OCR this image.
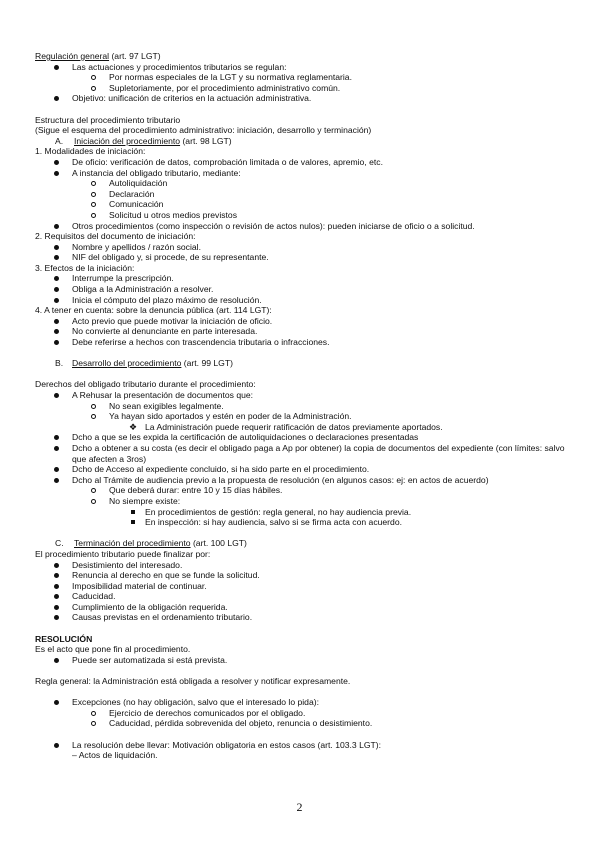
Regulación general (art. 97 LGT)
Las actuaciones y procedimientos tributarios se regulan:
Por normas especiales de la LGT y su normativa reglamentaria.
Supletoriamente, por el procedimiento administrativo común.
Objetivo: unificación de criterios en la actuación administrativa.
Estructura del procedimiento tributario
(Sigue el esquema del procedimiento administrativo: iniciación, desarrollo y terminación)
A. Iniciación del procedimiento (art. 98 LGT)
1. Modalidades de iniciación:
De oficio: verificación de datos, comprobación limitada o de valores, apremio, etc.
A instancia del obligado tributario, mediante:
Autoliquidación
Declaración
Comunicación
Solicitud u otros medios previstos
Otros procedimientos (como inspección o revisión de actos nulos): pueden iniciarse de oficio o a solicitud.
2. Requisitos del documento de iniciación:
Nombre y apellidos / razón social.
NIF del obligado y, si procede, de su representante.
3. Efectos de la iniciación:
Interrumpe la prescripción.
Obliga a la Administración a resolver.
Inicia el cómputo del plazo máximo de resolución.
4. A tener en cuenta: sobre la denuncia pública (art. 114 LGT):
Acto previo que puede motivar la iniciación de oficio.
No convierte al denunciante en parte interesada.
Debe referirse a hechos con trascendencia tributaria o infracciones.
B. Desarrollo del procedimiento (art. 99 LGT)
Derechos del obligado tributario durante el procedimiento:
A Rehusar la presentación de documentos que:
No sean exigibles legalmente.
Ya hayan sido aportados y estén en poder de la Administración.
❖ La Administración puede requerir ratificación de datos previamente aportados.
Dcho a que se les expida la certificación de autoliquidaciones o declaraciones presentadas
Dcho a obtener a su costa (es decir el obligado paga a Ap por obtener) la copia de documentos del expediente (con límites: salvo que afecten a 3ros)
Dcho de Acceso al expediente concluido, si ha sido parte en el procedimiento.
Dcho al Trámite de audiencia previo a la propuesta de resolución (en algunos casos: ej: en actos de acuerdo)
Que deberá durar: entre 10 y 15 días hábiles.
No siempre existe:
En procedimientos de gestión: regla general, no hay audiencia previa.
En inspección: si hay audiencia, salvo si se firma acta con acuerdo.
C. Terminación del procedimiento (art. 100 LGT)
El procedimiento tributario puede finalizar por:
Desistimiento del interesado.
Renuncia al derecho en que se funde la solicitud.
Imposibilidad material de continuar.
Caducidad.
Cumplimiento de la obligación requerida.
Causas previstas en el ordenamiento tributario.
RESOLUCIÓN
Es el acto que pone fin al procedimiento.
Puede ser automatizada si está prevista.
Regla general: la Administración está obligada a resolver y notificar expresamente.
Excepciones (no hay obligación, salvo que el interesado lo pida):
Ejercicio de derechos comunicados por el obligado.
Caducidad, pérdida sobrevenida del objeto, renuncia o desistimiento.
La resolución debe llevar: Motivación obligatoria en estos casos (art. 103.3 LGT):
– Actos de liquidación.
2
